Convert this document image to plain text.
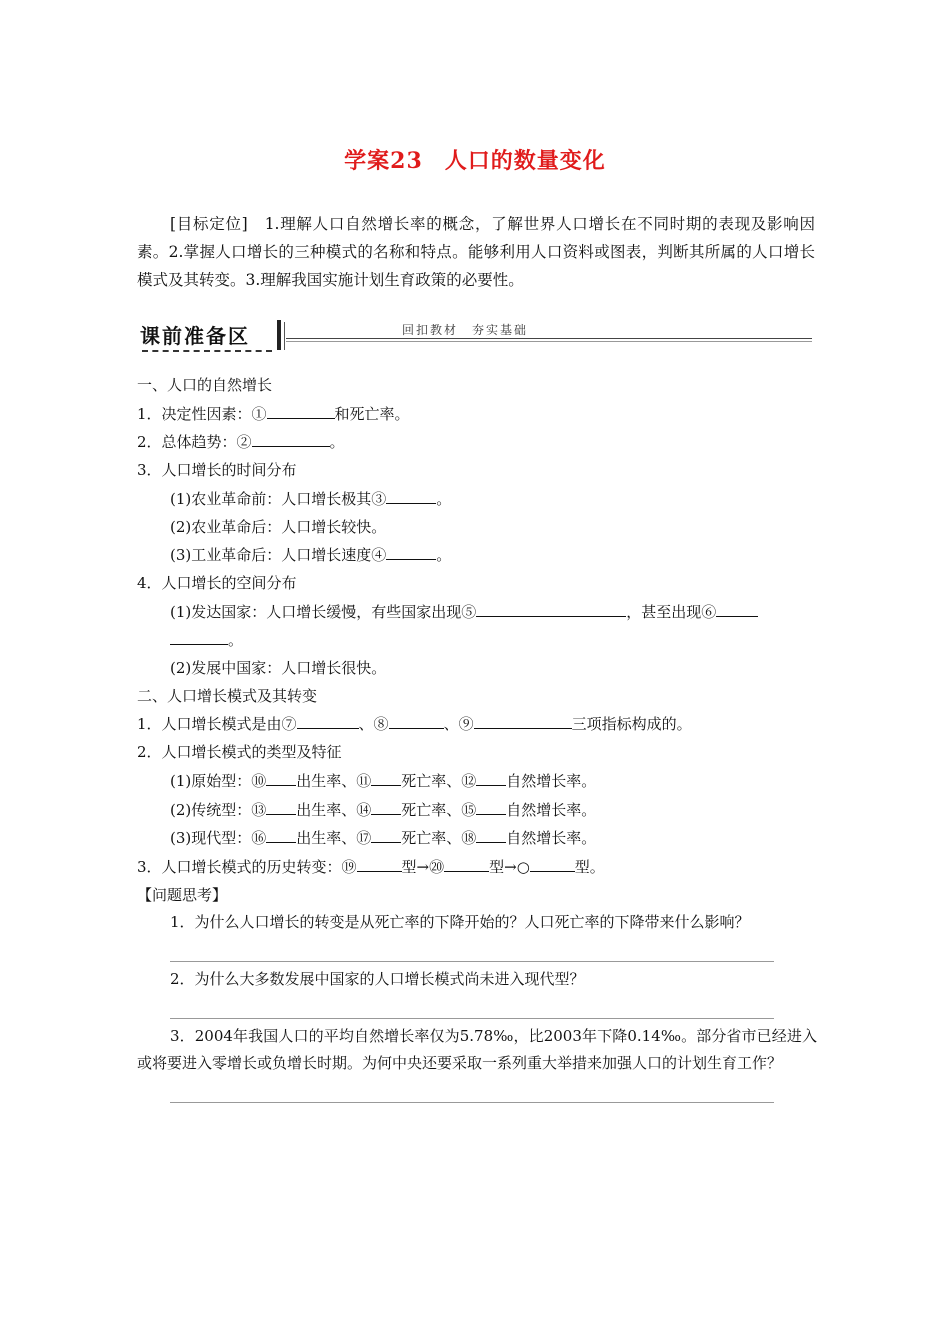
学案23 人口的数量变化
[目标定位]　1.理解人口自然增长率的概念，了解世界人口增长在不同时期的表现及影响因素。2.掌握人口增长的三种模式的名称和特点。能够利用人口资料或图表，判断其所属的人口增长模式及其转变。3.理解我国实施计划生育政策的必要性。
课前准备区	回扣教材　夯实基础
一、人口的自然增长
1．决定性因素：①	和死亡率。
2．总体趋势：②	。
3．人口增长的时间分布
(1)农业革命前：人口增长极其③	。
(2)农业革命后：人口增长较快。
(3)工业革命后：人口增长速度④	。
4．人口增长的空间分布
(1)发达国家：人口增长缓慢，有些国家出现⑤	，甚至出现⑥
。
(2)发展中国家：人口增长很快。
二、人口增长模式及其转变
1．人口增长模式是由⑦	、⑧	、⑨	三项指标构成的。
2．人口增长模式的类型及特征
(1)原始型：⑩ 出生率、⑪ 死亡率、⑫ 自然增长率。
(2)传统型：⑬ 出生率、⑭ 死亡率、⑮ 自然增长率。
(3)现代型：⑯ 出生率、⑰ 死亡率、⑱ 自然增长率。
3．人口增长模式的历史转变：⑲	型→⑳	型→○	型。
【问题思考】
1．为什么人口增长的转变是从死亡率的下降开始的？人口死亡率的下降带来什么影响？
2．为什么大多数发展中国家的人口增长模式尚未进入现代型？
3．2004年我国人口的平均自然增长率仅为5.78‰，比2003年下降0.14‰。部分省市已经进入或将要进入零增长或负增长时期。为何中央还要采取一系列重大举措来加强人口的计划生育工作？
